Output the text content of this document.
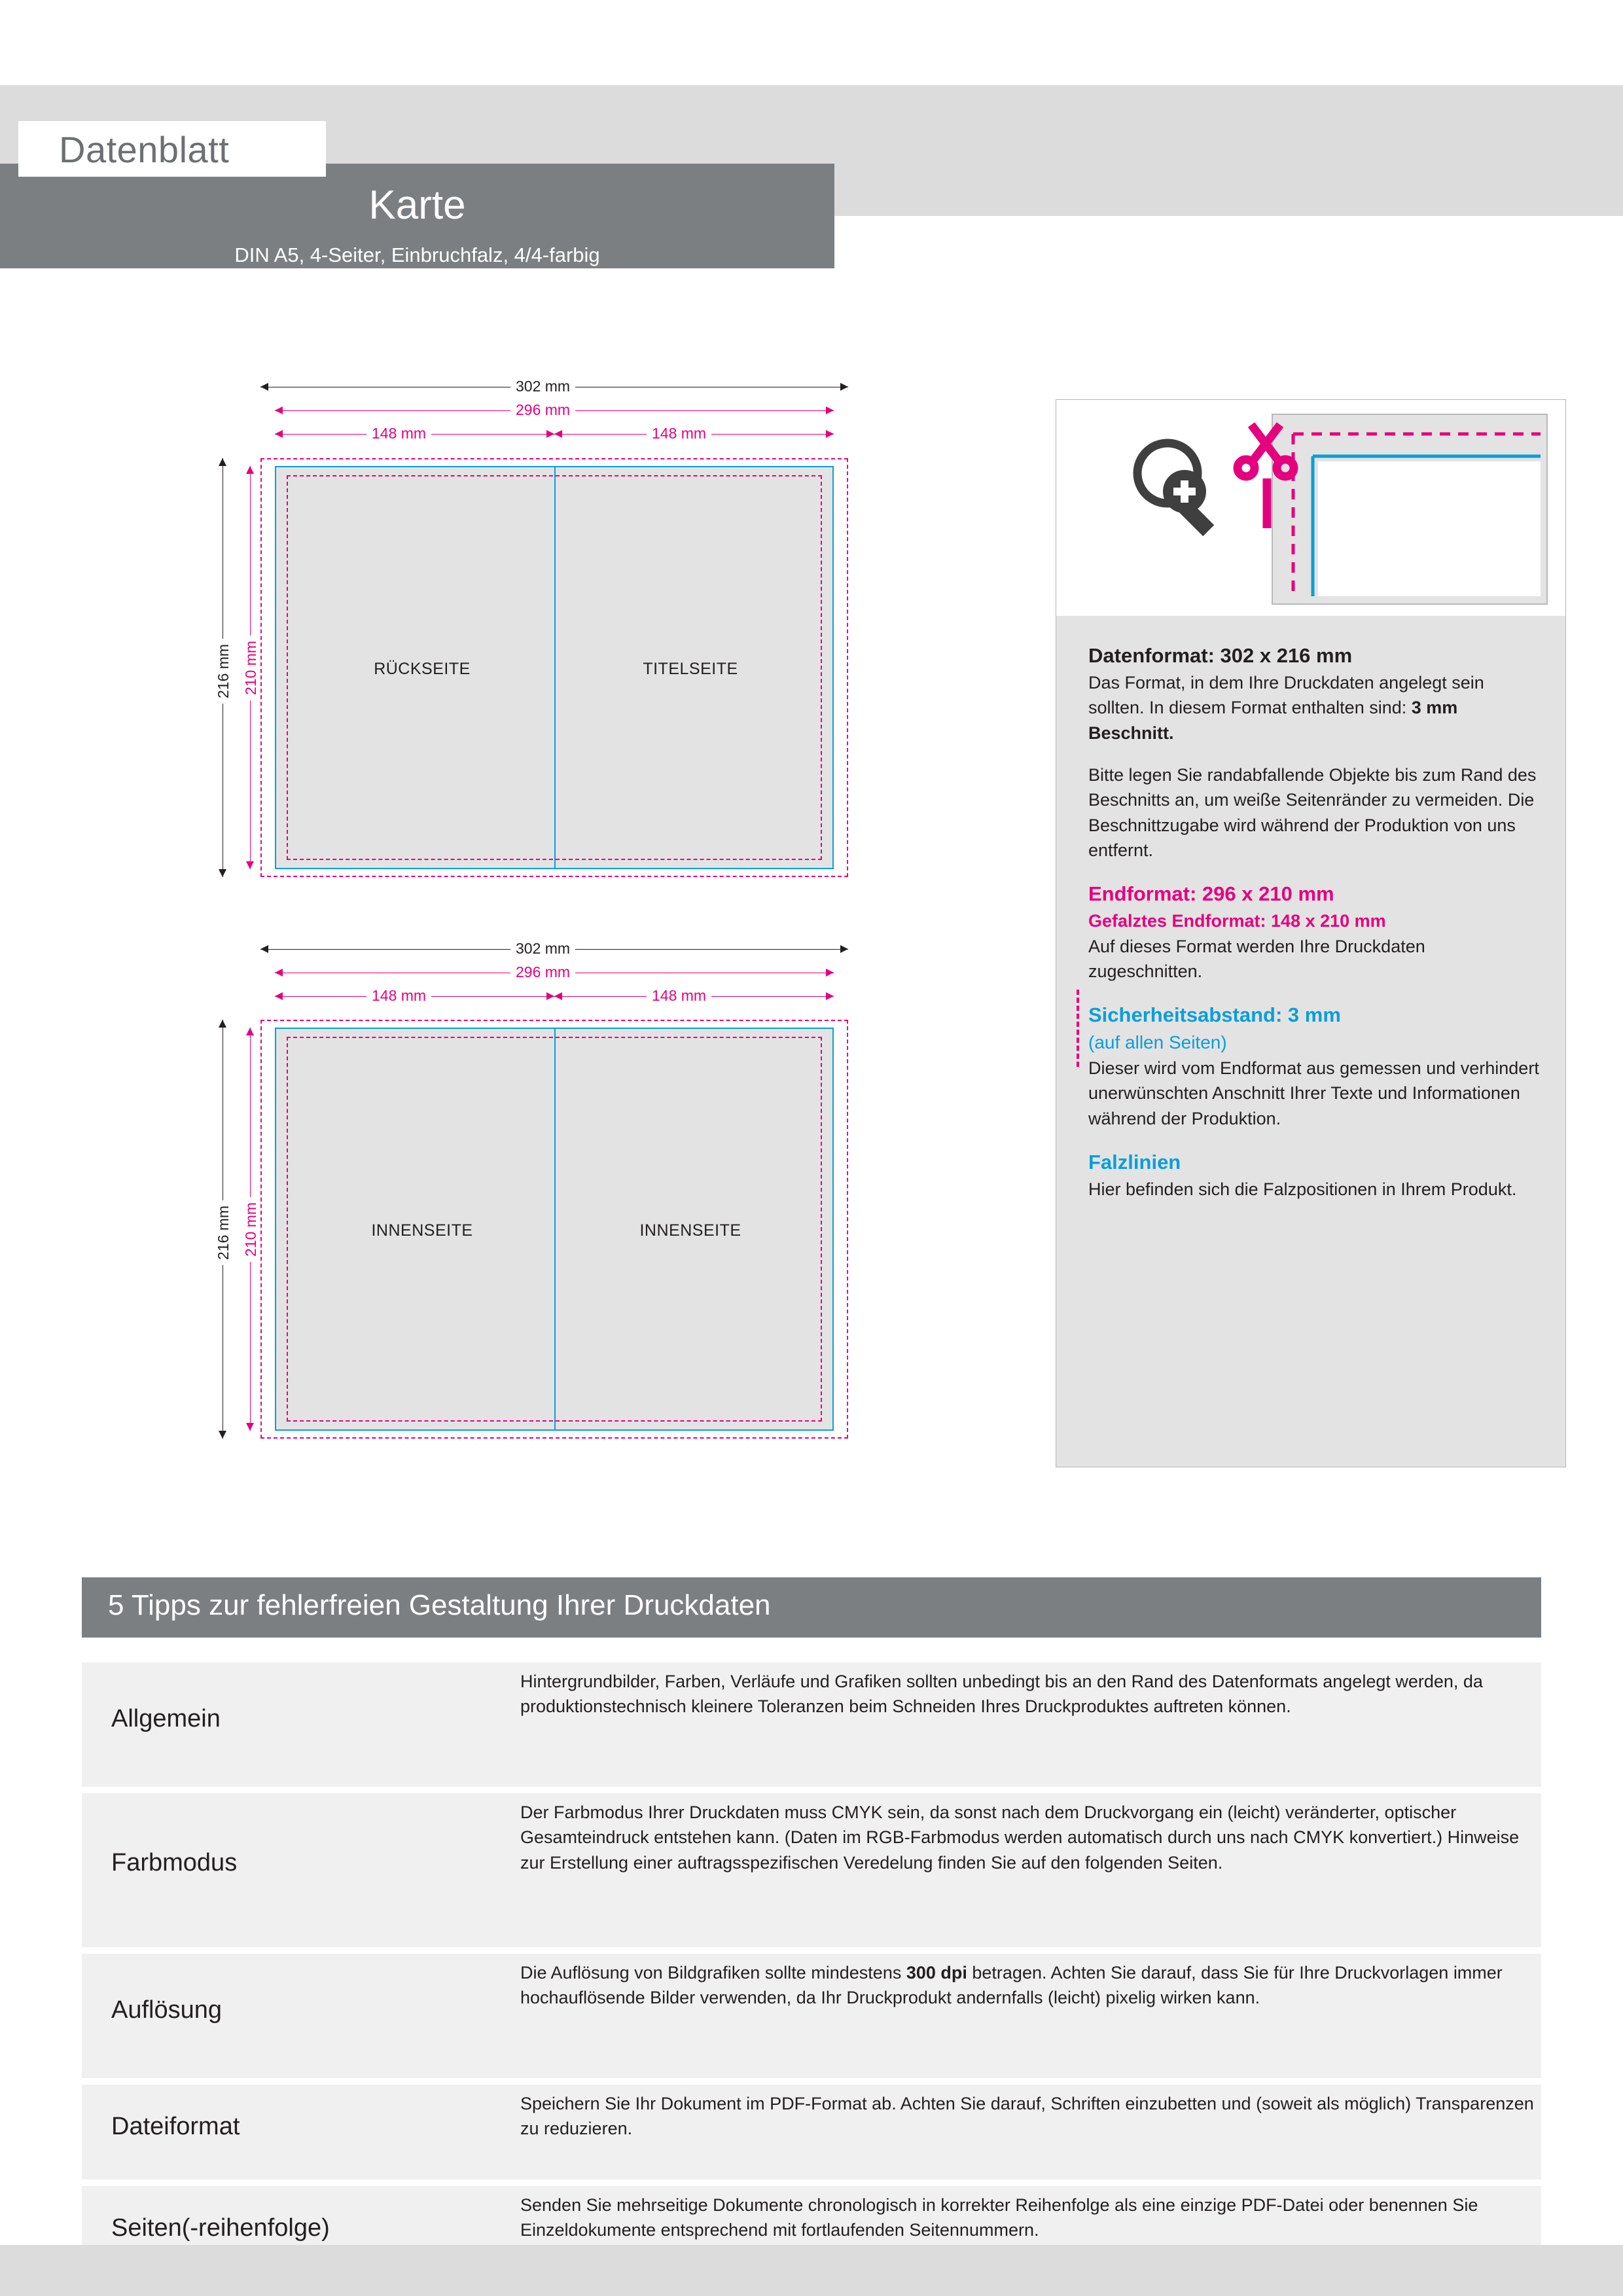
Datenblatt
Karte
DIN A5, 4-Seiter, Einbruchfalz, 4/4-farbig
302 mm
296 mm
148 mm	148 mm
216 mm 210 mm	RÜCKSEITE	TITELSEITE
302 mm
296 mm
148 mm	148 mm
216 mm 210 mm	INNENSEITE	INNENSEITE
Datenformat: 302 x 216 mm
Das Format, in dem Ihre Druckdaten angelegt sein sollten. In diesem Format enthalten sind: 3 mm Beschnitt.
Bitte legen Sie randabfallende Objekte bis zum Rand des Beschnitts an, um weiße Seitenränder zu vermeiden. Die Beschnittzugabe wird während der Produktion von uns entfernt.
Endformat: 296 x 210 mm
Gefalztes Endformat: 148 x 210 mm
Auf dieses Format werden Ihre Druckdaten zugeschnitten.
Sicherheitsabstand: 3 mm
(auf allen Seiten)
Dieser wird vom Endformat aus gemessen und verhindert unerwünschten Anschnitt Ihrer Texte und Informationen während der Produktion.
Falzlinien
Hier befinden sich die Falzpositionen in Ihrem Produkt.
5 Tipps zur fehlerfreien Gestaltung Ihrer Druckdaten
Allgemein
Hintergrundbilder, Farben, Verläufe und Grafiken sollten unbedingt bis an den Rand des Datenformats angelegt werden, da produktionstechnisch kleinere Toleranzen beim Schneiden Ihres Druckproduktes auftreten können.
Farbmodus
Der Farbmodus Ihrer Druckdaten muss CMYK sein, da sonst nach dem Druckvorgang ein (leicht) veränderter, optischer Gesamteindruck entstehen kann. (Daten im RGB-Farbmodus werden automatisch durch uns nach CMYK konvertiert.) Hinweise zur Erstellung einer auftragsspezifischen Veredelung finden Sie auf den folgenden Seiten.
Auflösung
Die Auflösung von Bildgrafiken sollte mindestens 300 dpi betragen. Achten Sie darauf, dass Sie für Ihre Druckvorlagen immer hochauflösende Bilder verwenden, da Ihr Druckprodukt andernfalls (leicht) pixelig wirken kann.
Dateiformat
Speichern Sie Ihr Dokument im PDF-Format ab. Achten Sie darauf, Schriften einzubetten und (soweit als möglich) Transparenzen zu reduzieren.
Seiten(-reihenfolge)
Senden Sie mehrseitige Dokumente chronologisch in korrekter Reihenfolge als eine einzige PDF-Datei oder benennen Sie Einzeldokumente entsprechend mit fortlaufenden Seitennummern.
